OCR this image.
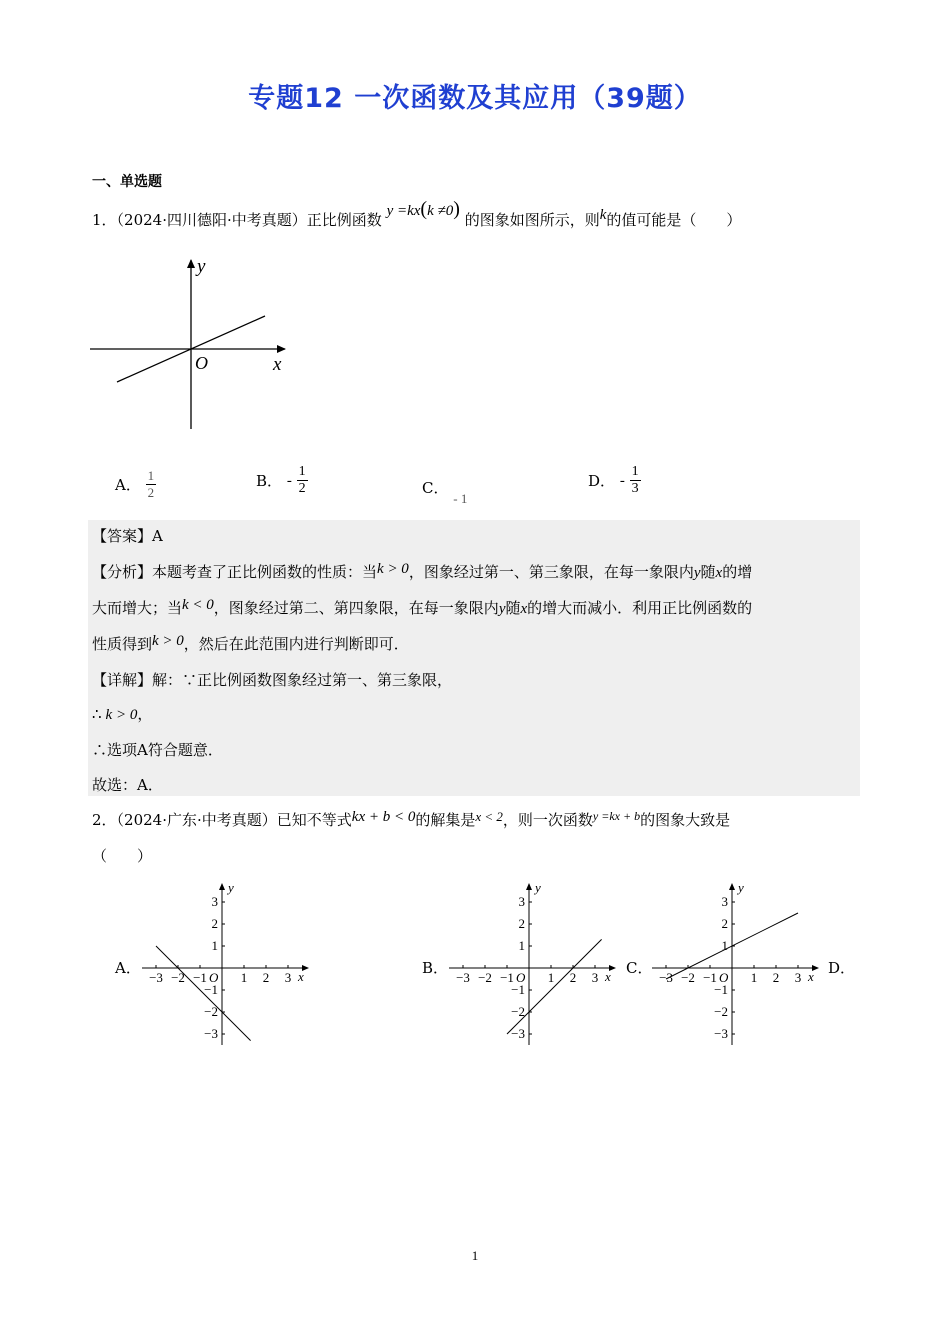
专题12 一次函数及其应用（39题）
一、单选题
1．（2024·四川德阳·中考真题）正比例函数 y =kx(k ≠0) 的图象如图所示，则k的值可能是（　　）
y
x
O
A． $\frac{1}{2}$	B． - $\frac{1}{2}$	C． - 1
D． - $\frac{1}{3}$
【答案】A
【分析】本题考查了正比例函数的性质：当k > 0，图象经过第一、第三象限，在每一象限内y随x的增
大而增大；当k < 0，图象经过第二、第四象限，在每一象限内y随x的增大而减小．利用正比例函数的
性质得到k > 0，然后在此范围内进行判断即可．
【详解】解：∵正比例函数图象经过第一、第三象限，
∴ k > 0，
∴选项A符合题意．
故选：A．
2．（2024·广东·中考真题）已知不等式kx + b < 0的解集是x < 2，则一次函数$^{y =kx + b}$的图象大致是
（　　）
A．	B．	C．	D．
−3
−3
−2
−2
−1
−1
1
1
2
2
3
3
O	x
y
−3
−3
−2
−2
−1
−1
1
1
2
2
3
3
O	x
y
−3
−3
−2
−2
−1
−1
1
1
2
2
3
3
O	x
y
1
